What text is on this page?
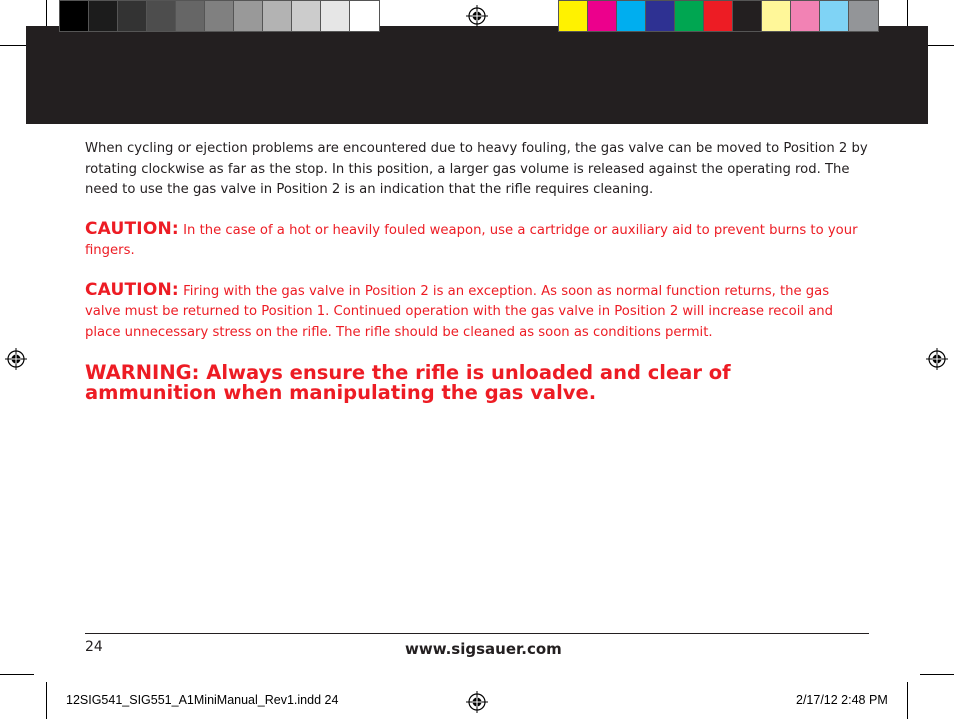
When cycling or ejection problems are encountered due to heavy fouling, the gas valve can be moved to Position 2 by rotating clockwise as far as the stop. In this position, a larger gas volume is released against the operating rod. The need to use the gas valve in Position 2 is an indication that the rifle requires cleaning.

CAUTION: In the case of a hot or heavily fouled weapon, use a cartridge or auxiliary aid to prevent burns to your fingers.

CAUTION: Firing with the gas valve in Position 2 is an exception. As soon as normal function returns, the gas valve must be returned to Position 1. Continued operation with the gas valve in Position 2 will increase recoil and place unnecessary stress on the rifle. The rifle should be cleaned as soon as conditions permit.

WARNING: Always ensure the rifle is unloaded and clear of ammunition when manipulating the gas valve.

24	www.sigsauer.com
12SIG541_SIG551_A1MiniManual_Rev1.indd 24	2/17/12 2:48 PM
